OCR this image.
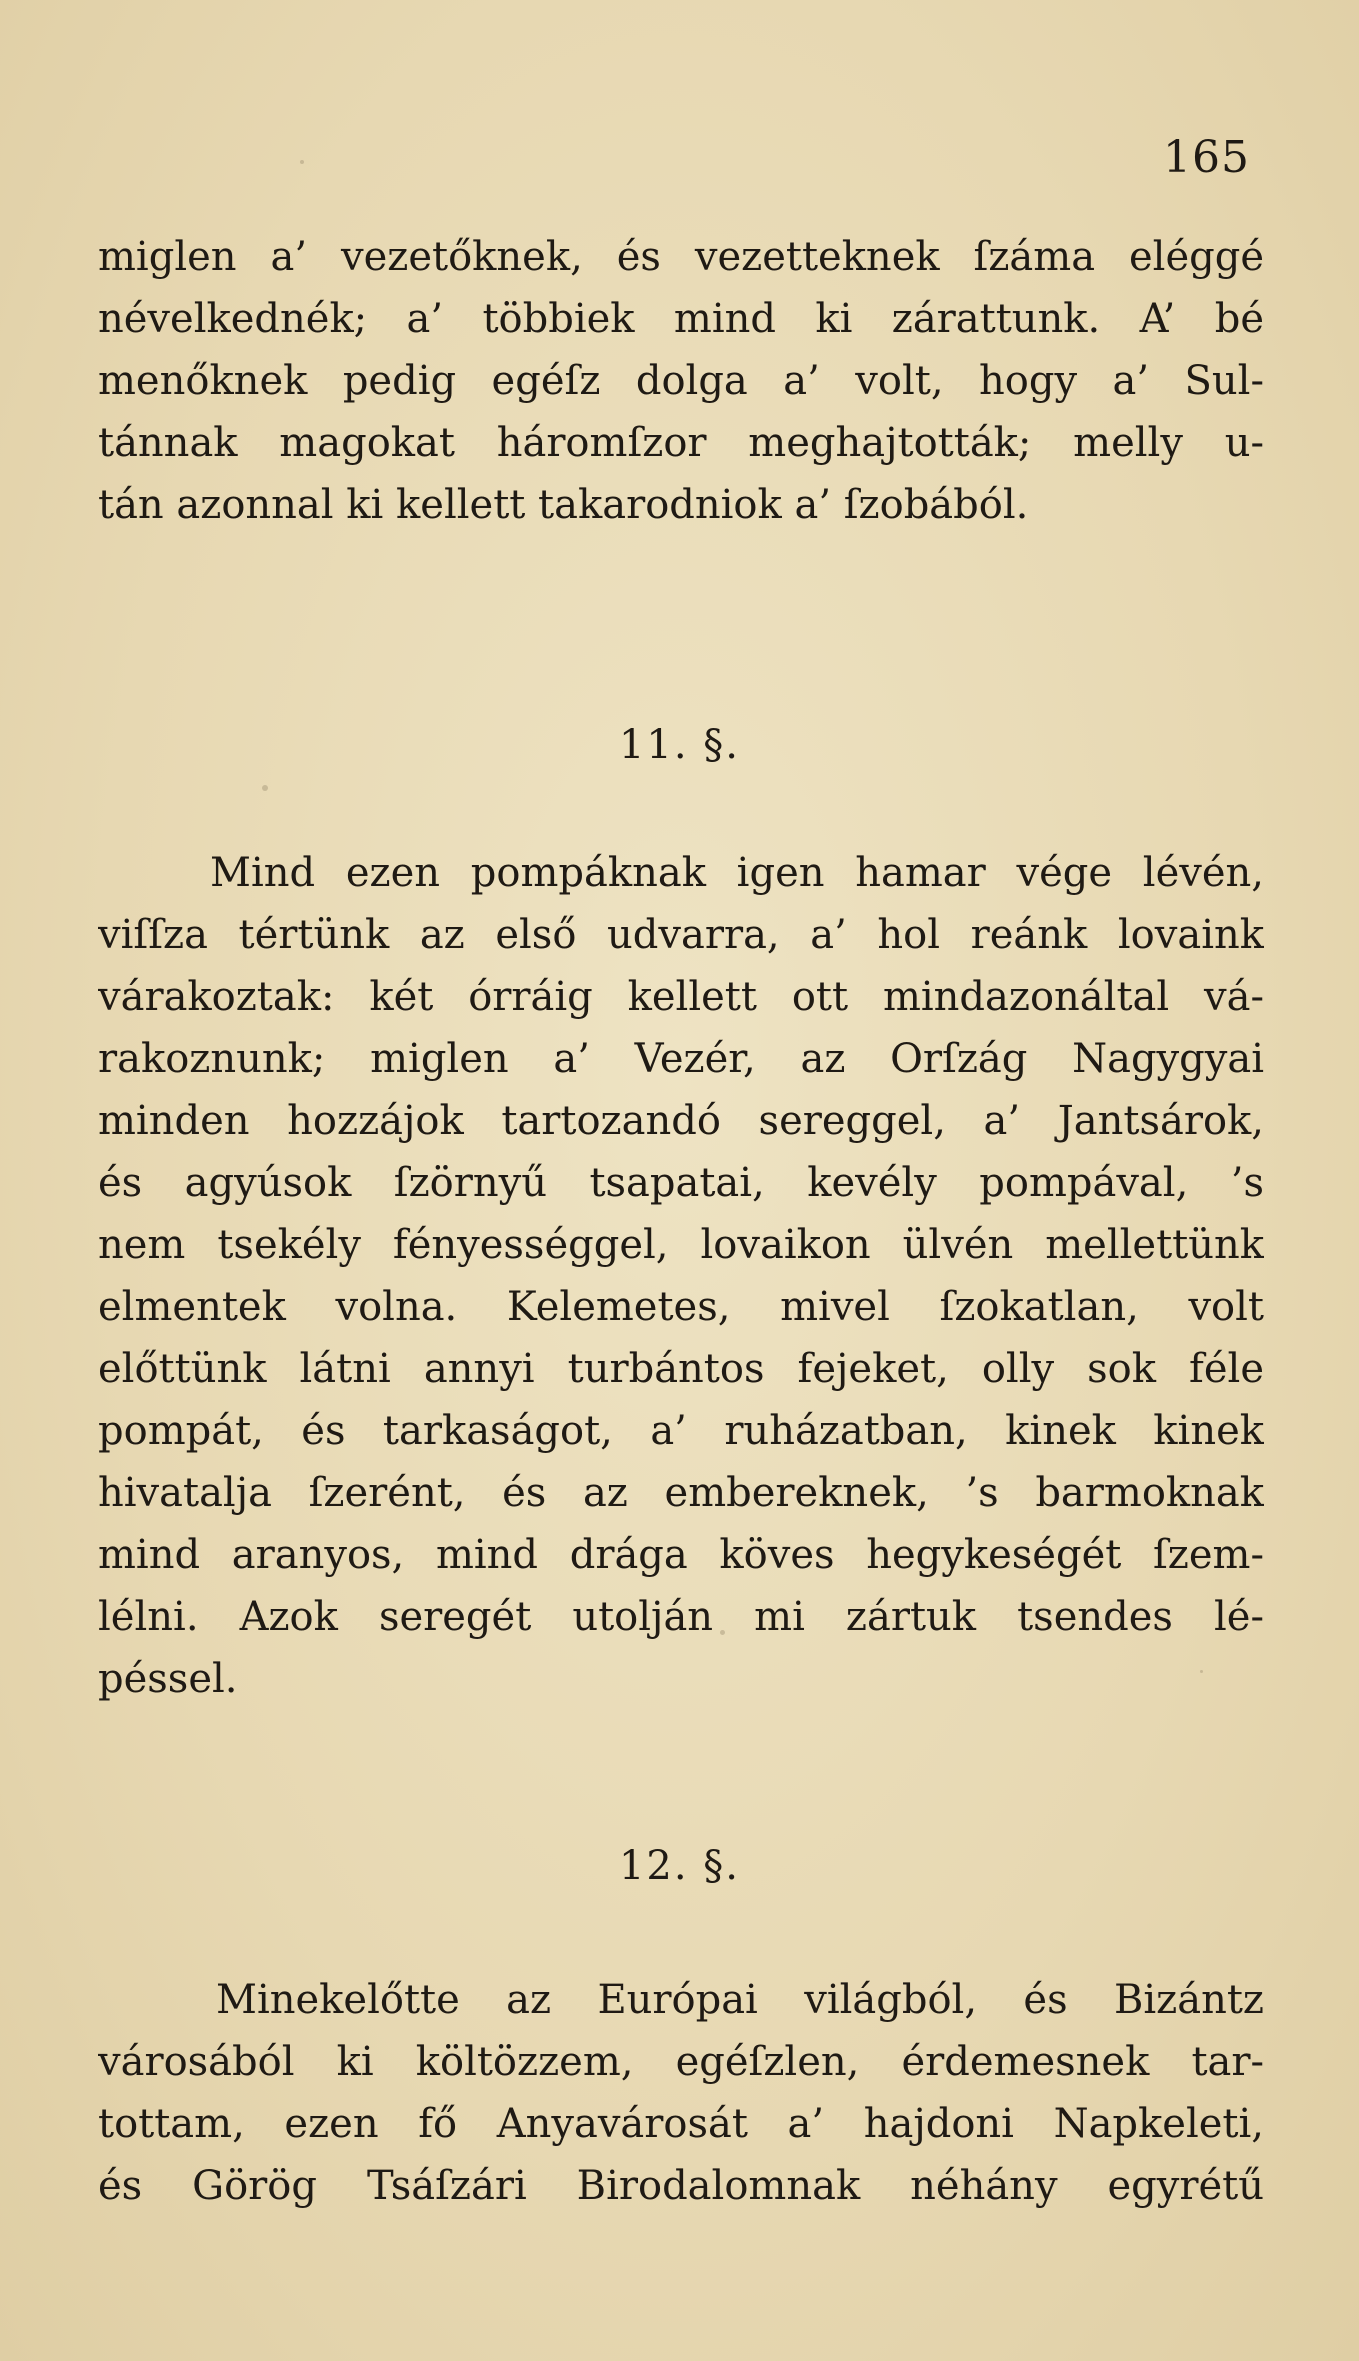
165
miglen a’ vezetőknek, és vezetteknek ſzáma eléggé
névelkednék; a’ többiek mind ki zárattunk. A’ bé
menőknek pedig egéſz dolga a’ volt, hogy a’ Sul-
tánnak magokat háromſzor meghajtották; melly u-
tán azonnal ki kellett takarodniok a’ ſzobából.
11. §.
Mind ezen pompáknak igen hamar vége lévén,
viſſza tértünk az első udvarra, a’ hol reánk lovaink
várakoztak: két órráig kellett ott mindazonáltal vá-
rakoznunk; miglen a’ Vezér, az Orſzág Nagygyai
minden hozzájok tartozandó sereggel, a’ Jantsárok,
és agyúsok ſzörnyű tsapatai, kevély pompával, ’s
nem tsekély fényességgel, lovaikon ülvén mellettünk
elmentek volna. Kelemetes, mivel ſzokatlan, volt
előttünk látni annyi turbántos fejeket, olly sok féle
pompát, és tarkaságot, a’ ruházatban, kinek kinek
hivatalja ſzerént, és az embereknek, ’s barmoknak
mind aranyos, mind drága köves hegykeségét ſzem-
lélni. Azok seregét utolján mi zártuk tsendes lé-
péssel.
12. §.
Minekelőtte az Európai világból, és Bizántz
városából ki költözzem, egéſzlen, érdemesnek tar-
tottam, ezen fő Anyavárosát a’ hajdoni Napkeleti,
és Görög Tsáſzári Birodalomnak néhány egyrétű
